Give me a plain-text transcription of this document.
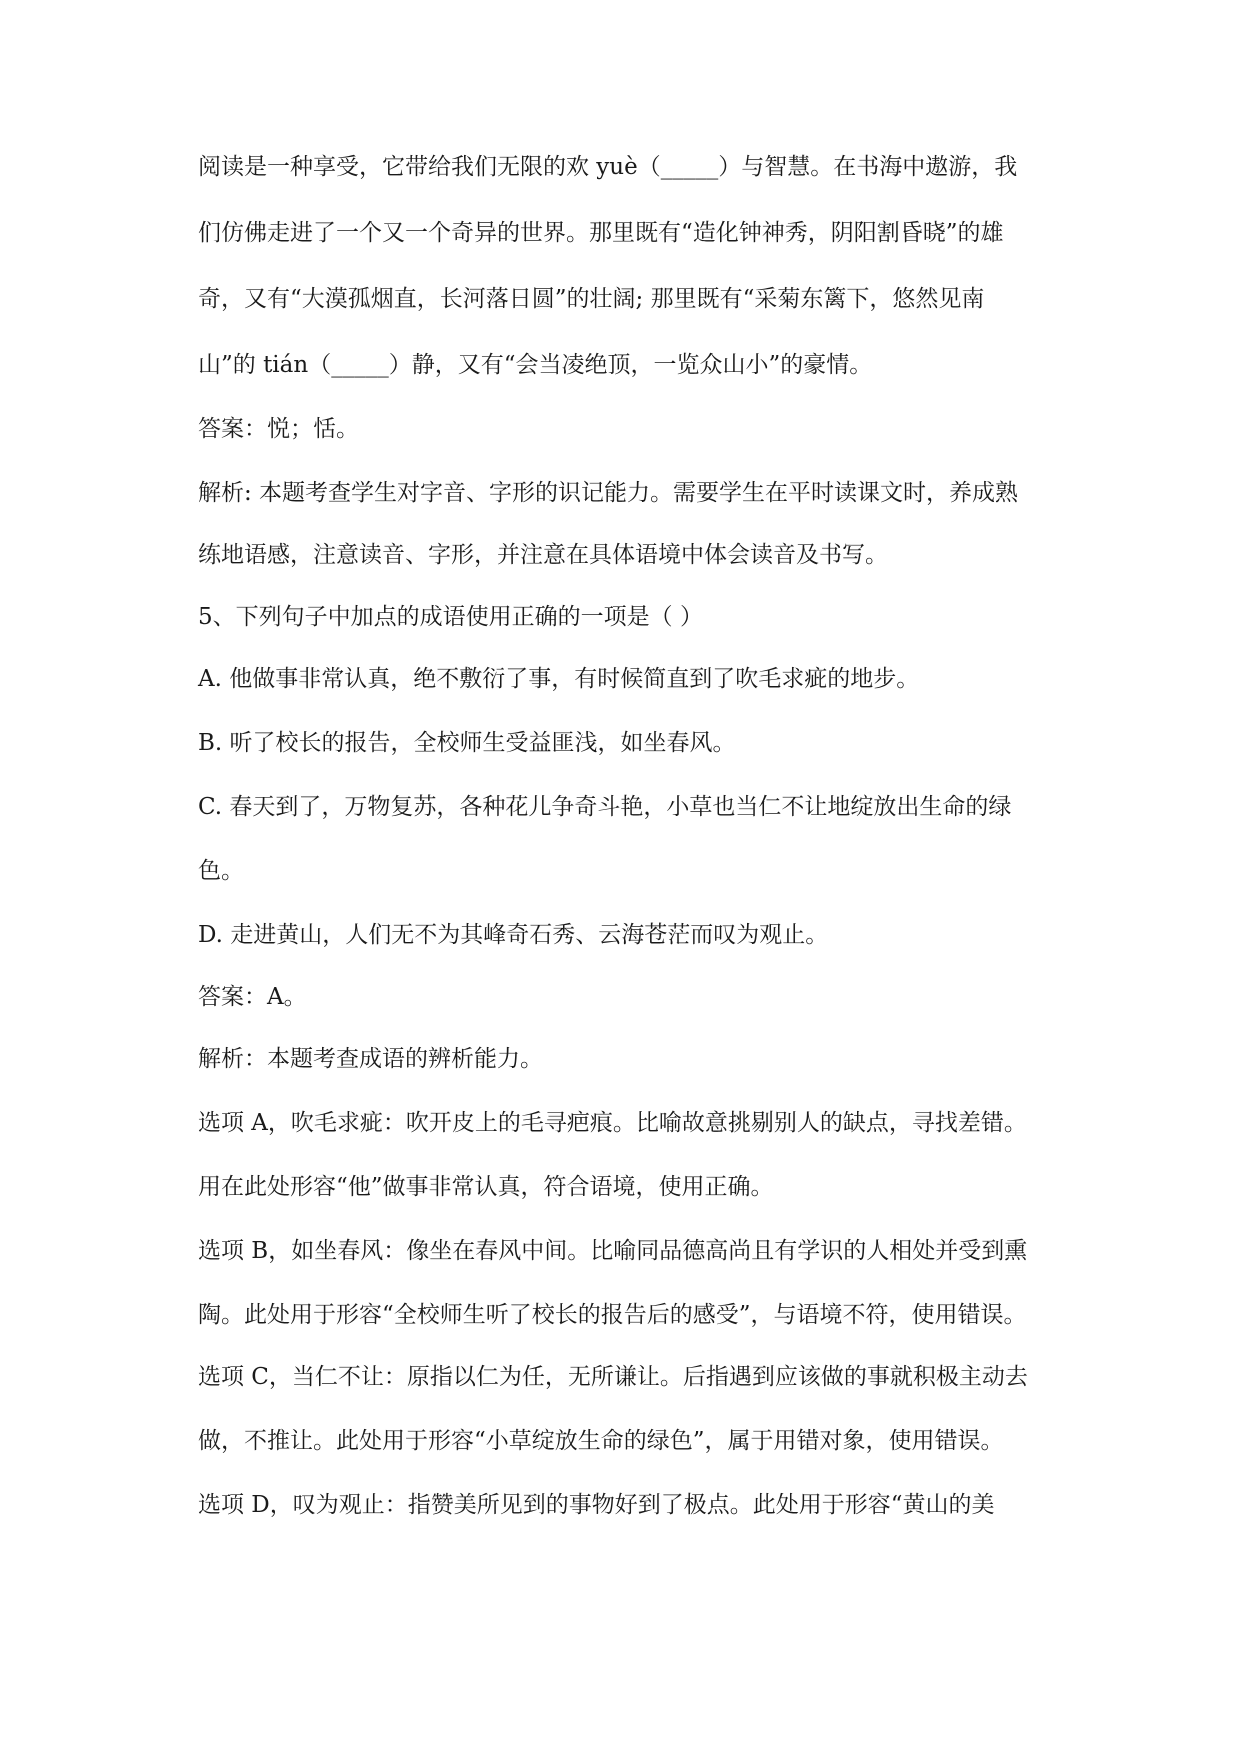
阅读是一种享受，它带给我们无限的欢 yuè（_____）与智慧。在书海中遨游，我
们仿佛走进了一个又一个奇异的世界。那里既有“造化钟神秀，阴阳割昏晓”的雄
奇，又有“大漠孤烟直，长河落日圆”的壮阔; 那里既有“采菊东篱下，悠然见南
山”的 tián（_____）静，又有“会当凌绝顶，一览众山小”的豪情。
答案：悦；恬。
解析: 本题考查学生对字音、字形的识记能力。需要学生在平时读课文时，养成熟
练地语感，注意读音、字形，并注意在具体语境中体会读音及书写。
5、下列句子中加点的成语使用正确的一项是（ ）
A. 他做事非常认真，绝不敷衍了事，有时候简直到了吹毛求疵的地步。
B. 听了校长的报告，全校师生受益匪浅，如坐春风。
C. 春天到了，万物复苏，各种花儿争奇斗艳，小草也当仁不让地绽放出生命的绿
色。
D. 走进黄山，人们无不为其峰奇石秀、云海苍茫而叹为观止。
答案：A。
解析：本题考查成语的辨析能力。
选项 A，吹毛求疵：吹开皮上的毛寻疤痕。比喻故意挑剔别人的缺点，寻找差错。
用在此处形容“他”做事非常认真，符合语境，使用正确。
选项 B，如坐春风：像坐在春风中间。比喻同品德高尚且有学识的人相处并受到熏
陶。此处用于形容“全校师生听了校长的报告后的感受”，与语境不符，使用错误。
选项 C，当仁不让：原指以仁为任，无所谦让。后指遇到应该做的事就积极主动去
做，不推让。此处用于形容“小草绽放生命的绿色”，属于用错对象，使用错误。
选项 D，叹为观止：指赞美所见到的事物好到了极点。此处用于形容“黄山的美
